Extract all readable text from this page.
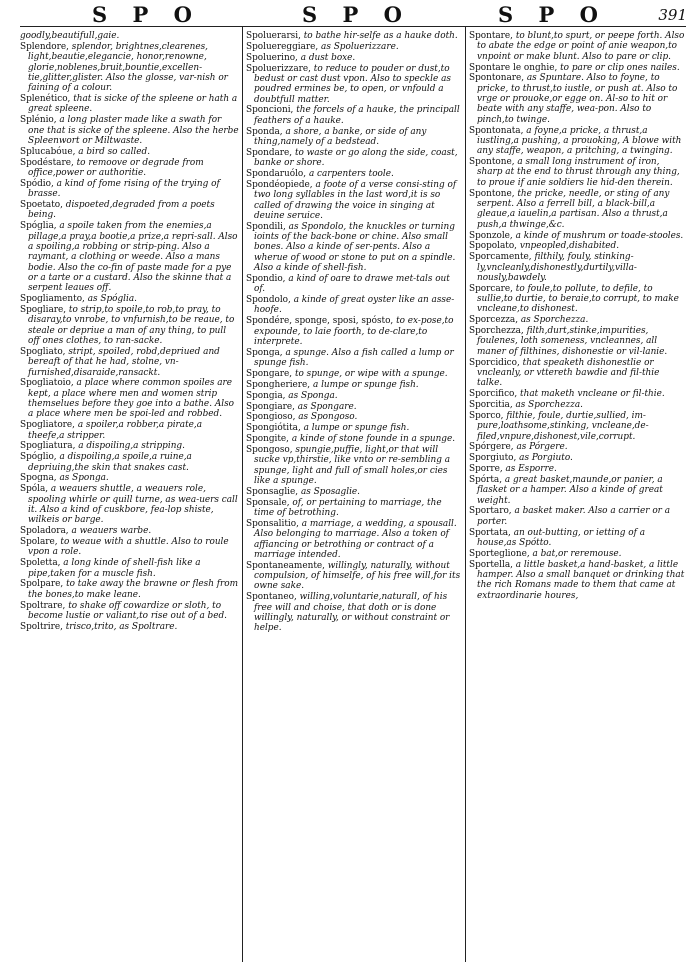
S P O	S P O	S P O	391
goodly,beautifull,gaie.
Splendore, splendor, brightnes,clearenes, light,beautie,elegancie, honor,renowne, glorie,noblenes,bruit,bountie,excellen-tie,glitter,glister. Also the glosse, var-nish or faining of a colour.
Splenético, that is sicke of the spleene or hath a great spleene.
Splénio, a long plaster made like a swath for one that is sicke of the spleene. Also the herbe Spleenwort or Miltwaste.
Splucabóue, a bird so called.
Spodéstare, to remoove or degrade from office,power or authoritie.
Spódio, a kind of fome rising of the trying of brasse.
Spoetato, dispoeted,degraded from a poets being.
Spóglia, a spoile taken from the enemies,a pillage,a pray,a bootie,a prize,a repri-sall. Also a spoiling,a robbing or strip-ping. Also a raymant, a clothing or weede. Also a mans bodie. Also the co-fin of paste made for a pye or a tarte or a custard. Also the skinne that a serpent leaues off.
Spogliamento, as Spóglia.
Spogliare, to strip,to spoile,to rob,to pray, to disaray,to vnrobe, to vnfurnish,to be reaue, to steale or depriue a man of any thing, to pull off ones clothes, to ran-sacke.
Spogliato, stript, spoiled, robd,depriued and bereaft of that he had, stolne, vn-furnished,disaraide,ransackt.
Spogliatoio, a place where common spoiles are kept, a place where men and women strip themselues before they goe into a bathe. Also a place where men be spoi-led and robbed.
Spogliatore, a spoiler,a robber,a pirate,a theefe,a stripper.
Spogliatura, a dispoiling,a stripping.
Spóglio, a dispoiling,a spoile,a ruine,a depriuing,the skin that snakes cast.
Spogna, as Sponga.
Spóla, a weauers shuttle, a weauers role, spooling whirle or quill turne, as wea-uers call it. Also a kind of cuskbore, fea-lop shiste, wilkeis or barge.
Spoladora, a weauers warbe.
Spolare, to weaue with a shuttle. Also to roule vpon a role.
Spoletta, a long kinde of shell-fish like a pipe,taken for a muscle fish.
Spolpare, to take away the brawne or flesh from the bones,to make leane.
Spoltrare, to shake off cowardize or sloth, to become lustie or valiant,to rise out of a bed.
Spoltrire, trisco,trito, as Spoltrare.
Spoluerarsi, to bathe hir-selfe as a hauke doth.
Spoluereggiare, as Spoluerizzare.
Spoluerino, a dust boxe.
Spoluerizzare, to reduce to pouder or dust,to bedust or cast dust vpon. Also to speckle as poudred ermines be, to open, or vnfould a doubtfull matter.
Sponcioni, the forcels of a hauke, the principall feathers of a hauke.
Sponda, a shore, a banke, or side of any thing,namely of a bedstead.
Spondare, to waste or go along the side, coast, banke or shore.
Spondaruólo, a carpenters toole.
Spondéopiede, a foote of a verse consi-sting of two long syllables in the last word,it is so called of drawing the voice in singing at deuine seruice.
Spondili, as Spondolo, the knuckles or turning ioints of the back-bone or chine. Also small bones. Also a kinde of ser-pents. Also a wherue of wood or stone to put on a spindle. Also a kinde of shell-fish.
Spondio, a kind of oare to drawe met-tals out of.
Spondolo, a kinde of great oyster like an asse-hoofe.
Spondére, sponge, sposi, spósto, to ex-pose,to expounde, to laie foorth, to de-clare,to interprete.
Sponga, a spunge. Also a fish called a lump or spunge fish.
Spongare, to spunge, or wipe with a spunge.
Spongheriere, a lumpe or spunge fish.
Spongia, as Sponga.
Spongiare, as Spongare.
Spongioso, as Spongoso.
Spongiótita, a lumpe or spunge fish.
Spongite, a kinde of stone founde in a spunge.
Spongoso, spungie,puffie, light,or that will sucke vp,thirstie, like vnto or re-sembling a spunge, light and full of small holes,or cies like a spunge.
Sponsaglie, as Sposaglie.
Sponsale, of, or pertaining to marriage, the time of betrothing.
Sponsalitio, a marriage, a wedding, a spousall. Also belonging to marriage. Also a token of affiancing or betrothing or contract of a marriage intended.
Spontaneamente, willingly, naturally, without compulsion, of himselfe, of his free will,for its owne sake.
Spontaneo, willing,voluntarie,naturall, of his free will and choise, that doth or is done willingly, naturally, or without constraint or helpe.
Spontare, to blunt,to spurt, or peepe forth. Also to abate the edge or point of anie weapon,to vnpoint or make blunt. Also to pare or clip.
Spontare le onghie, to pare or clip ones nailes.
Spontonare, as Spuntare. Also to foyne, to pricke, to thrust,to iustle, or push at. Also to vrge or prouoke,or egge on. Al-so to hit or beate with any staffe, wea-pon. Also to pinch,to twinge.
Spontonata, a foyne,a pricke, a thrust,a iustling,a pushing, a prouoking, A blowe with any staffe, weapon, a pritching, a twinging.
Spontone, a small long instrument of iron, sharp at the end to thrust through any thing, to proue if anie soldiers lie hid-den therein.
Spontone, the pricke, needle, or sting of any serpent. Also a ferrell bill, a black-bill,a gleaue,a iauelin,a partisan. Also a thrust,a push,a thwinge,&c.
Sponzole, a kinde of mushrum or toade-stooles.
Spopolato, vnpeopled,dishabited.
Sporcamente, filthily, fouly, stinking-ly,vncleanly,dishonestly,durtily,villa-nously,bawdely.
Sporcare, to foule,to pollute, to defile, to sullie,to durtie, to beraie,to corrupt, to make vncleane,to dishonest.
Sporcezza, as Sporchezza.
Sporchezza, filth,durt,stinke,impurities, foulenes, loth someness, vncleannes, all maner of filthines, dishonestie or vil-lanie.
Sporcidico, that speaketh dishonestlie or vncleanly, or vttereth bawdie and fil-thie talke.
Sporcifico, that maketh vncleane or fil-thie.
Sporcitia, as Sporchezza.
Sporco, filthie, foule, durtie,sullied, im-pure,loathsome,stinking, vncleane,de-filed,vnpure,dishonest,vile,corrupt.
Spórgere, as Pórgere.
Sporgiuto, as Porgiuto.
Sporre, as Esporre.
Spórta, a great basket,maunde,or panier, a flasket or a hamper. Also a kinde of great weight.
Sportaro, a basket maker. Also a carrier or a porter.
Sportata, an out-butting, or ietting of a house,as Spótto.
Sporteglione, a bat,or reremouse.
Sportella, a little basket,a hand-basket, a little hamper. Also a small banquet or drinking that the rich Romans made to them that came at extraordinarie houres,
